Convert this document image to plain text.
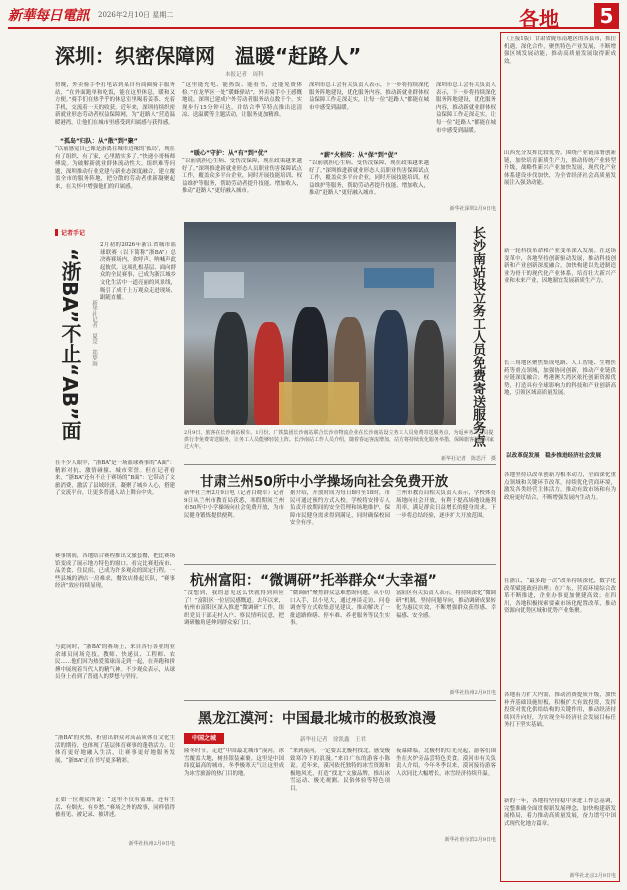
新華每日電訊 2026年2月10日 星期二	各地 5
深圳：织密保障网　温暖“赶路人”
本报记者　周科
傍晚，外卖骑手李打电话到某自有商圈骑手服务站，“在外面跑单和吃饭，能在这里休息，暖和又方便。”骑手们在热乎乎的休息室里喝着姜茶、充着手机，交流着一天的收获。近年来，深圳持续织密新就业形态劳动者权益保障网，为“赶路人”营造温暖港湾，让他们在城市里感受到归属感与获得感。
“孤岛”归队：从“散”到“聚”
“以前感觉自己像是游离在城市边缘的‘孤岛’，现在有了组织、有了家，心里踏实多了。”快递小哥杨师傅说。为破解新就业群体流动性大、组织难等问题，深圳推动行业党建与新业态深度融合，建立覆盖全市的服务阵地，把分散的劳动者重新凝聚起来，在关怀中增强他们的归属感。
“这里能充电、能热饭、能看书，还能免费体检。”在龙华区一处“暖蜂驿站”，外卖骑手小王感慨地说。深圳已建成户外劳动者服务站点数千个，实现步行15分钟可达，并结合季节特点推出送清凉、送温暖等主题活动，让服务更加精准。
“暖心”守护：从“有”到“优”
“以前就担心生病、受伤没保障，现在政策越来越好了。”深圳推进新就业形态人员职业伤害保障试点工作，覆盖众多平台企业，同时开展技能培训、权益维护等服务，帮助劳动者提升技能、增加收入，推动“赶路人”更好融入城市。
深圳市总工会有关负责人表示，下一步将持续深化服务阵地建设，优化服务内容，推动新就业群体权益保障工作走深走实，让每一位“赶路人”都能在城市中感受到温暖。
“薪”火相传：从“保”到“促”
“以前就担心生病、受伤没保障，现在政策越来越好了。”深圳推进新就业形态人员职业伤害保障试点工作，覆盖众多平台企业，同时开展技能培训、权益维护等服务，帮助劳动者提升技能、增加收入，推动“赶路人”更好融入城市。
深圳市总工会有关负责人表示，下一步将持续深化服务阵地建设，优化服务内容，推动新就业群体权益保障工作走深走实，让每一位“赶路人”都能在城市中感受到温暖。
新华社深圳2月9日电
记者手记
“浙BA”不止“AB”面 新华社记者　夏亮　郑梦雨
2月初的2026年浙江省城市篮球联赛（以下简称“浙BA”）总决赛赛场内，欢呼声、呐喊声此起彼伏。这项扎根基层、面向群众的全民赛事，已成为浙江城乡文化生活中一道亮丽的风景线，吸引了成千上万观众走进现场、跟随直播。
在不少人眼中，“浙BA”是一场篮球赛事的“A面”：精彩对抗、激情碰撞、城市荣誉。但在记者看来，“浙BA”还有不止于赛场的“B面”：它带动了文旅消费，激活了县域经济，凝聚了城乡人心，搭建了交流平台，让更多普通人站上舞台中央。
赛事期间，各地结合赛程推出文旅套餐，把比赛场馆变成了展示地方特色的窗口。看完比赛逛夜市、品美食、住民宿，已成为许多观众的固定行程。一些县城的酒店一房难求，餐饮店排起长队，“赛事经济”效应持续显现。
与此同时，“浙BA”的赛场上，来自各行各业的业余球员同场竞技，教师、快递员、工程师、农民……他们因为热爱篮球而走到一起，在奔跑和拼搏中展现着当代人的精气神。不少观众表示，从球员身上看到了普通人的梦想与坚持。
“浙BA”的火热，折射出群众对高品质体育文化生活的期待，也体现了基层体育赛事的蓬勃活力。让体育更好地融入生活，让赛事更好地服务发展，“浙BA”正在书写更多精彩。
正如一位观众所说：“这里不仅有篮球，还有生活、有烟火、有乡愁。”赛场之外的故事，同样值得被看见、被记录、被讲述。
新华社杭州2月9日电
长沙南站设立务工人员免费寄送服务点
2月9日，旅客在长沙南站候车。1月份，广铁集团长沙南站联合长沙市物流企业在长沙南站设立务工人员免费寄送服务点，为返乡务工人员提供行李免费寄送服务，让务工人员能够轻装上阵。长沙南站工作人员介绍，随着春运客流增加，站方将持续优化服务举措，保障旅客温暖回家过大年。
新华社记者　陈思汗　摄
甘肃兰州50所中小学操场向社会免费开放
新华社兰州2月9日电（记者白晓军）记者9日从兰州市教育局获悉，寒假期间兰州市50所中小学操场向社会免费开放，为市民健身锻炼提供便利。
据介绍，开放时间为每日8时至18时，市民可通过预约方式入校。学校将安排专人负责开放期间的安全管理和场地维护，保障市民健身需求得到满足，同时确保校园安全有序。
兰州市教育局相关负责人表示，学校体育场地向社会开放，有利于提高场地设施利用率，满足群众日益增长的健身需求，下一步将总结经验，逐步扩大开放范围。
杭州富阳：“微调研”托举群众“大幸福”
“没想到，我的意见这么快就得到回应了！”富阳区一位居民感慨道。去年以来，杭州市富阳区深入推进“微调研”工作，组织党员干部走村入户、察民情听民意，把调研触角延伸到群众家门口。
“微调研”聚焦群众急难愁盼问题，从小切口入手，以小见大，通过座谈走访、问卷调查等方式收集意见建议，推动解决了一批道路修缮、停车难、养老服务等民生实事。
富阳区有关负责人表示，将持续深化“微调研”机制，坚持问题导向，推动调研成果转化为惠民实效，不断增强群众获得感、幸福感、安全感。
新华社杭州2月9日电
黑龙江漠河：中国最北城市的极致浪漫
中国之城	新华社记者　徐凯鑫　王君
隆冬时节，走进“中国最北城市”漠河，冰雪覆盖大地，树挂银装素裹。这里是中国纬度最高的城市，冬季极寒天气让这里成为冰雪旅游的热门目的地。
“来到漠河，一定要去北极村找北，感受极致寒冷下的浪漫。”来自广东的游客小陈说。近年来，漠河依托独特的冰雪资源和极地风光，打造“找北”文旅品牌，推出冰雪运动、极光观测、民俗体验等特色项目。
夜幕降临，北极村的灯光亮起，游客们围坐在火炉旁品尝特色美食。漠河市有关负责人介绍，今年冬季以来，漠河接待游客人次同比大幅增长，冰雪经济持续升温。
新华社哈尔滨2月9日电
（上接1版）甘肃省陇东南地区的各县市，抓住机遇，深化合作，聚焦特色产业发展，不断增强区域发展动能，推动高质量发展取得新成效。
山西充分发挥比较优势，围绕产业链部署创新链，加快培育新质生产力，推动传统产业转型升级，战略性新兴产业加快发展，现代化产业体系建设步伐加快，为全省经济社会高质量发展注入强劲动能。
新一轮科技革命和产业变革深入发展。在这场变革中，各地坚持创新驱动发展，推动科技创新和产业创新深度融合，加快构建以先进制造业为骨干的现代化产业体系，培育壮大新兴产业和未来产业，因地制宜发展新质生产力。
长三角地区聚焦集成电路、人工智能、生物医药等重点领域，加强协同创新，推动产业链供应链深度融合；粤港澳大湾区依托创新资源优势，打造具有全球影响力的科技和产业创新高地，引领区域高质量发展。
以改革促发展　稳步推进经济社会发展
各地坚持以改革创新为根本动力，全面深化重点领域和关键环节改革，持续优化营商环境，激发各类经营主体活力，推动有效市场和有为政府更好结合，不断增强发展内生动力。
在浙江，“最多跑一次”改革持续深化，数字化改革赋能政府治理；在广东，营商环境综合改革不断推进，企业办事更加便捷高效；在四川，各地积极探索要素市场化配置改革，推动资源向优势区域和优势产业集聚。
各地着力扩大内需，推动消费提质升级，加快补齐基础设施短板，积极扩大有效投资，发挥投资对优化供给结构的关键作用，推动经济持续回升向好，为实现全年经济社会发展目标任务打下坚实基础。
新的一年，各地将坚持稳中求进工作总基调，完整准确全面贯彻新发展理念，加快构建新发展格局，着力推动高质量发展，奋力谱写中国式现代化地方篇章。
新华社北京2月9日电
